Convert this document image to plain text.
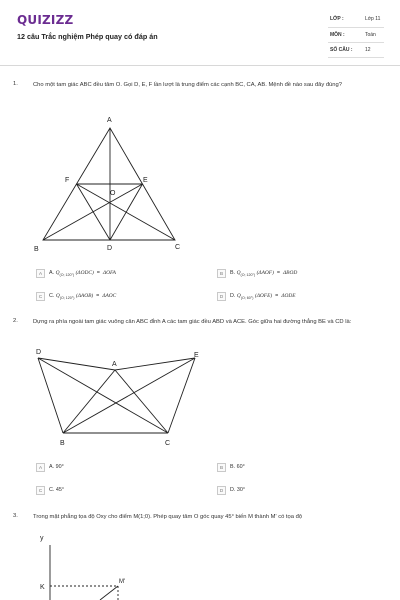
QUIZIZZ
12 câu Trắc nghiệm Phép quay có đáp án
LỚP :	Lớp 11
MÔN :	Toán
SỐ CÂU :	12
1.	Cho một tam giác ABC đều tâm O. Gọi D, E, F lần lượt là trung điểm các cạnh BC, CA, AB. Mệnh đề nào sau đây đúng?
A
B	C
D
E
F
O
D
A
E
B	C
y
K
M'
A	A. $Q_{(O; 120^\circ)}$ (ΔODC) = ΔOFA	B	B. $Q_{(O; 120^\circ)}$ (ΔAOF) = ΔBOD
C	C. $Q_{(O; 120^\circ)}$ (ΔAOB) = ΔAOC	D	D. $Q_{(O; 60^\circ)}$ (ΔOFE) = ΔODE
2.	Dựng ra phía ngoài tam giác vuông cân ABC đỉnh A các tam giác đều ABD và ACE. Góc giữa hai đường thẳng BE và CD là:
A	A. 90°	B	B. 60°
C	C. 45°	D	D. 30°
3.	Trong mặt phẳng tọa độ Oxy cho điểm M(1;0). Phép quay tâm O góc quay 45° biến M thành M' có tọa độ
